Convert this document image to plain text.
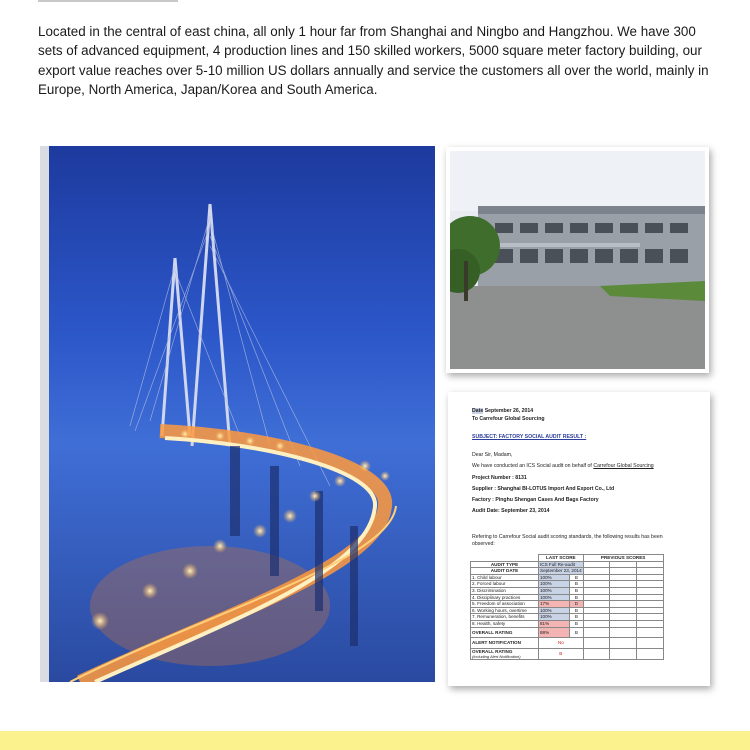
Located in the central of east china, all only 1 hour far from Shanghai and Ningbo and Hangzhou. We have 300 sets of advanced equipment, 4 production lines and 150 skilled workers, 5000 square meter factory building, our export value reaches over 5-10 million US dollars annually and service the customers all over the world, mainly in Europe, North America, Japan/Korea and South America.

Date September 26, 2014
To Carrefour Global Sourcing
SUBJECT: FACTORY SOCIAL AUDIT RESULT :
Dear Sir, Madam,
We have conducted an ICS Social audit on behalf of Carrefour Global Sourcing
Project Number : 8131
Supplier : Shanghai BI-LOTUS Import And Export Co., Ltd
Factory : Pinghu Shengan Cases And Bags Factory
Audit Date: September 23, 2014
Refering to Carrefour Social audit scoring standards, the following results has been
observed:
	LAST SCORE		PREVIOUS SCORES		
AUDIT TYPE	ICS Full Re-audit				
AUDIT DATE	September 23, 2014				
1. Child labour	100%	B			
2. Forced labour	100%	B			
3. Discrimination	100%	B			
4. Disciplinary practices	100%	B			
5. Freedom of association	17%	D			
6. Working hours, overtime	100%	B			
7. Remuneration, benefits	100%	B			
8. Health, safety	81%	B			
OVERALL RATING	88%	B			
ALERT NOTIFICATION	No				
OVERALL RATING
(including Alert Notification)	B				
